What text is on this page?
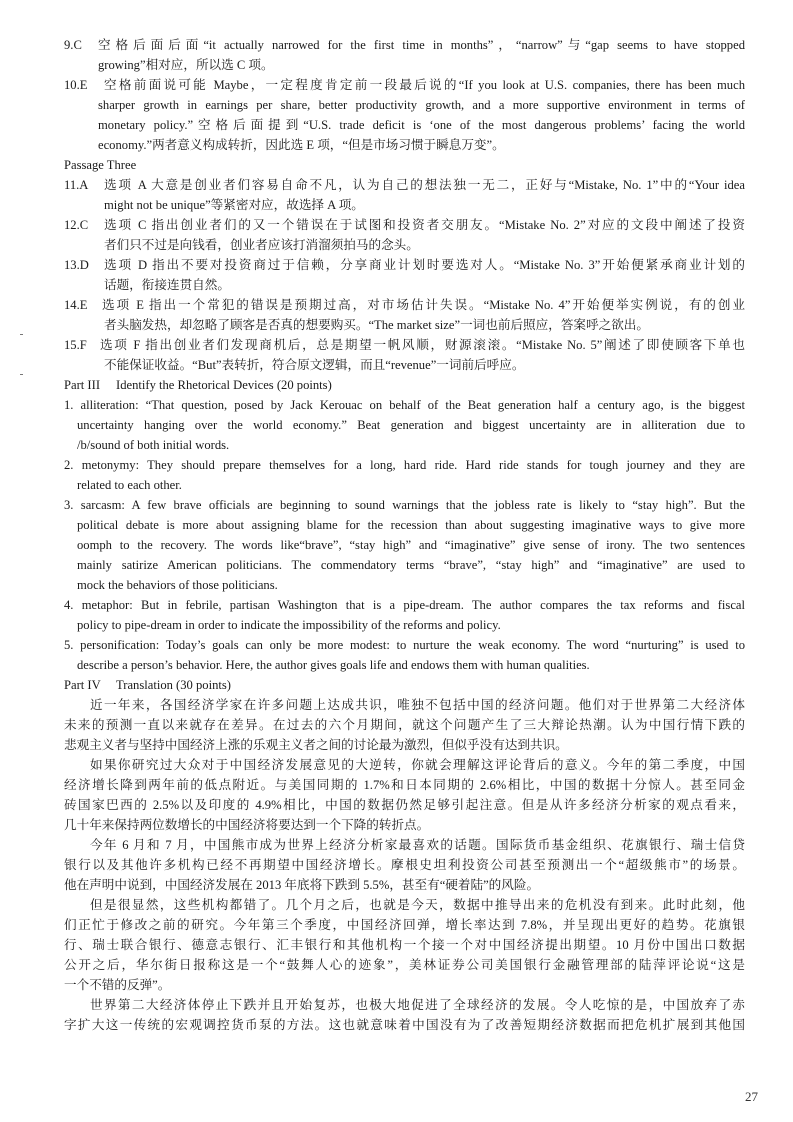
9.C 空格后面后面“it actually narrowed for the first time in months”，“narrow”与“gap seems to have stopped
growing”相对应，所以选 C 项。
10.E 空格前面说可能 Maybe，一定程度肯定前一段最后说的“If you look at U.S. companies, there has been much
sharper growth in earnings per share, better productivity growth, and a more supportive environment in terms of
monetary policy.”空格后面提到“U.S. trade deficit is ‘one of the most dangerous problems’ facing the world
economy.”两者意义构成转折，因此选 E 项，“但是市场习惯于瞬息万变”。
Passage Three
11.A 选项 A 大意是创业者们容易自命不凡，认为自己的想法独一无二，正好与“Mistake, No. 1”中的“Your idea
might not be unique”等紧密对应，故选择 A 项。
12.C 选项 C 指出创业者们的又一个错误在于试图和投资者交朋友。“Mistake No. 2”对应的文段中阐述了投资
者们只不过是向钱看，创业者应该打消溜须拍马的念头。
13.D 选项 D 指出不要对投资商过于信赖，分享商业计划时要选对人。“Mistake No. 3”开始便紧承商业计划的
话题，衔接连贯自然。
14.E 选项 E 指出一个常犯的错误是预期过高，对市场估计失误。“Mistake No. 4”开始便举实例说，有的创业
者头脑发热，却忽略了顾客是否真的想要购买。“The market size”一词也前后照应，答案呼之欲出。
15.F 选项 F 指出创业者们发现商机后，总是期望一帆风顺，财源滚滚。“Mistake No. 5”阐述了即使顾客下单也
不能保证收益。“But”表转折，符合原文逻辑，而且“revenue”一词前后呼应。
Part III Identify the Rhetorical Devices (20 points)
1. alliteration: “That question, posed by Jack Kerouac on behalf of the Beat generation half a century ago, is the biggest
uncertainty hanging over the world economy.” Beat generation and biggest uncertainty are in alliteration due to
/b/sound of both initial words.
2. metonymy: They should prepare themselves for a long, hard ride. Hard ride stands for tough journey and they are
related to each other.
3. sarcasm: A few brave officials are beginning to sound warnings that the jobless rate is likely to “stay high”. But the
political debate is more about assigning blame for the recession than about suggesting imaginative ways to give more
oomph to the recovery. The words like“brave”, “stay high” and “imaginative” give sense of irony. The two sentences
mainly satirize American politicians. The commendatory terms “brave”, “stay high” and “imaginative” are used to
mock the behaviors of those politicians.
4. metaphor: But in febrile, partisan Washington that is a pipe-dream. The author compares the tax reforms and fiscal
policy to pipe-dream in order to indicate the impossibility of the reforms and policy.
5. personification: Today’s goals can only be more modest: to nurture the weak economy. The word “nurturing” is used to
describe a person’s behavior. Here, the author gives goals life and endows them with human qualities.
Part IV Translation (30 points)
近一年来，各国经济学家在许多问题上达成共识，唯独不包括中国的经济问题。他们对于世界第二大经济体
未来的预测一直以来就存在差异。在过去的六个月期间，就这个问题产生了三大辩论热潮。认为中国行情下跌的
悲观主义者与坚持中国经济上涨的乐观主义者之间的讨论最为激烈，但似乎没有达到共识。
如果你研究过大众对于中国经济发展意见的大逆转，你就会理解这评论背后的意义。今年的第二季度，中国
经济增长降到两年前的低点附近。与美国同期的 1.7%和日本同期的 2.6%相比，中国的数据十分惊人。甚至同金
砖国家巴西的 2.5%以及印度的 4.9%相比，中国的数据仍然足够引起注意。但是从许多经济分析家的观点看来，
几十年来保持两位数增长的中国经济将要达到一个下降的转折点。
今年 6 月和 7 月，中国熊市成为世界上经济分析家最喜欢的话题。国际货币基金组织、花旗银行、瑞士信贷
银行以及其他许多机构已经不再期望中国经济增长。摩根史坦利投资公司甚至预测出一个“超级熊市”的场景。
他在声明中说到，中国经济发展在 2013 年底将下跌到 5.5%，甚至有“硬着陆”的风险。
但是很显然，这些机构都错了。几个月之后，也就是今天，数据中推导出来的危机没有到来。此时此刻，他
们正忙于修改之前的研究。今年第三个季度，中国经济回弹，增长率达到 7.8%，并呈现出更好的趋势。花旗银
行、瑞士联合银行、德意志银行、汇丰银行和其他机构一个接一个对中国经济提出期望。10 月份中国出口数据
公开之后，华尔街日报称这是一个“鼓舞人心的迹象”，美林证券公司美国银行金融管理部的陆萍评论说“这是
一个不错的反弹”。
世界第二大经济体停止下跌并且开始复苏，也极大地促进了全球经济的发展。令人吃惊的是，中国放弃了赤
字扩大这一传统的宏观调控货币泵的方法。这也就意味着中国没有为了改善短期经济数据而把危机扩展到其他国
27
